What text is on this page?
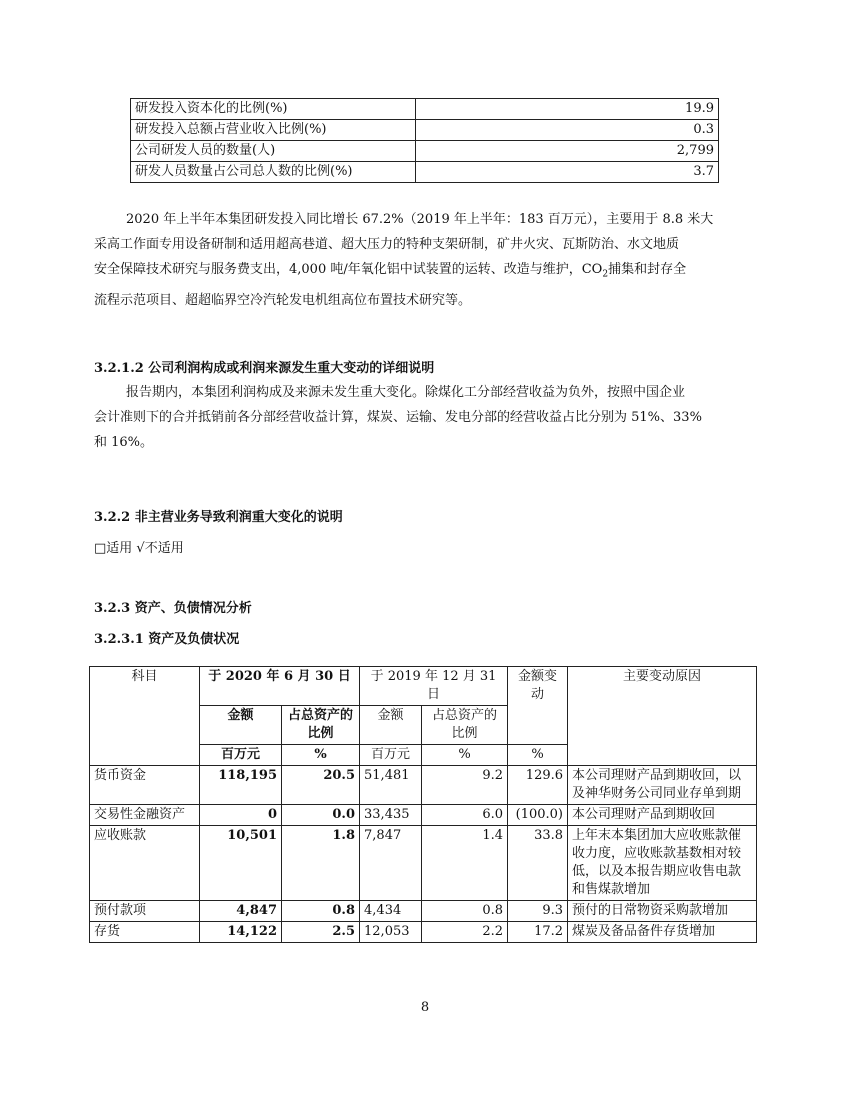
研发投入资本化的比例(%)	19.9
研发投入总额占营业收入比例(%)	0.3
公司研发人员的数量(人)	2,799
研发人员数量占公司总人数的比例(%)	3.7
2020 年上半年本集团研发投入同比增长 67.2%（2019 年上半年：183 百万元），主要用于 8.8 米大
采高工作面专用设备研制和适用超高巷道、超大压力的特种支架研制，矿井火灾、瓦斯防治、水文地质
安全保障技术研究与服务费支出，4,000 吨/年氧化铝中试装置的运转、改造与维护，$CO_2$捕集和封存全
流程示范项目、超超临界空冷汽轮发电机组高位布置技术研究等。
3.2.1.2 公司利润构成或利润来源发生重大变动的详细说明
报告期内，本集团利润构成及来源未发生重大变化。除煤化工分部经营收益为负外，按照中国企业
会计准则下的合并抵销前各分部经营收益计算，煤炭、运输、发电分部的经营收益占比分别为 51%、33%
和 16%。
3.2.2 非主营业务导致利润重大变化的说明
□适用 √不适用
3.2.3 资产、负债情况分析
3.2.3.1 资产及负债状况
科目	于 2020 年 6 月 30 日		于 2019 年 12 月 31 日		金额变动	主要变动原因
	金额	占总资产的比例	金额	占总资产的比例		
	百万元	%	百万元	%	%	
货币资金	118,195	20.5	51,481	9.2	129.6	本公司理财产品到期收回，以及神华财务公司同业存单到期
交易性金融资产	0	0.0	33,435	6.0	(100.0)	本公司理财产品到期收回
应收账款	10,501	1.8	7,847	1.4	33.8	上年末本集团加大应收账款催收力度，应收账款基数相对较低，以及本报告期应收售电款和售煤款增加
预付款项	4,847	0.8	4,434	0.8	9.3	预付的日常物资采购款增加
存货	14,122	2.5	12,053	2.2	17.2	煤炭及备品备件存货增加
8
